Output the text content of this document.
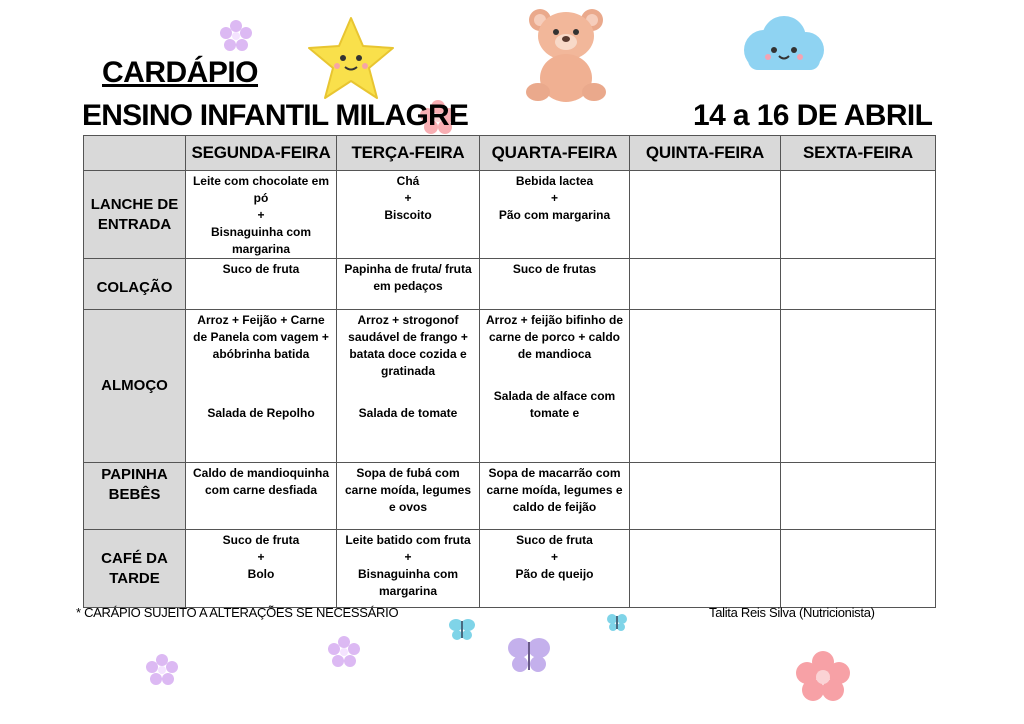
CARDÁPIO
ENSINO INFANTIL MILAGRE	14 a 16 DE ABRIL
	SEGUNDA-FEIRA	TERÇA-FEIRA	QUARTA-FEIRA	QUINTA-FEIRA	SEXTA-FEIRA

LANCHE DE
ENTRADA	Leite com chocolate em
pó
+
Bisnaguinha com
margarina	Chá
+
Biscoito	Bebida lactea
+
Pão com margarina		

COLAÇÃO	Suco de fruta	Papinha de fruta/ fruta
em pedaços	Suco de frutas		

ALMOÇO	Arroz + Feijão + Carne
de Panela com vagem +
abóbrinha batida
Salada de Repolho	Arroz + strogonof
saudável de frango +
batata doce cozida e
gratinada
Salada de tomate	Arroz + feijão bifinho de
carne de porco + caldo
de mandioca
Salada de alface com
tomate e		

PAPINHA
BEBÊS	Caldo de mandioquinha
com carne desfiada	Sopa de fubá com
carne moída, legumes
e ovos	Sopa de macarrão com
carne moída, legumes e
caldo de feijão		

CAFÉ DA
TARDE	Suco de fruta
+
Bolo	Leite batido com fruta
+
Bisnaguinha com
margarina	Suco de fruta
+
Pão de queijo		

* CARÁPIO SUJEITO A ALTERAÇÕES SE NECESSÁRIO	Talita Reis Silva (Nutricionista)
